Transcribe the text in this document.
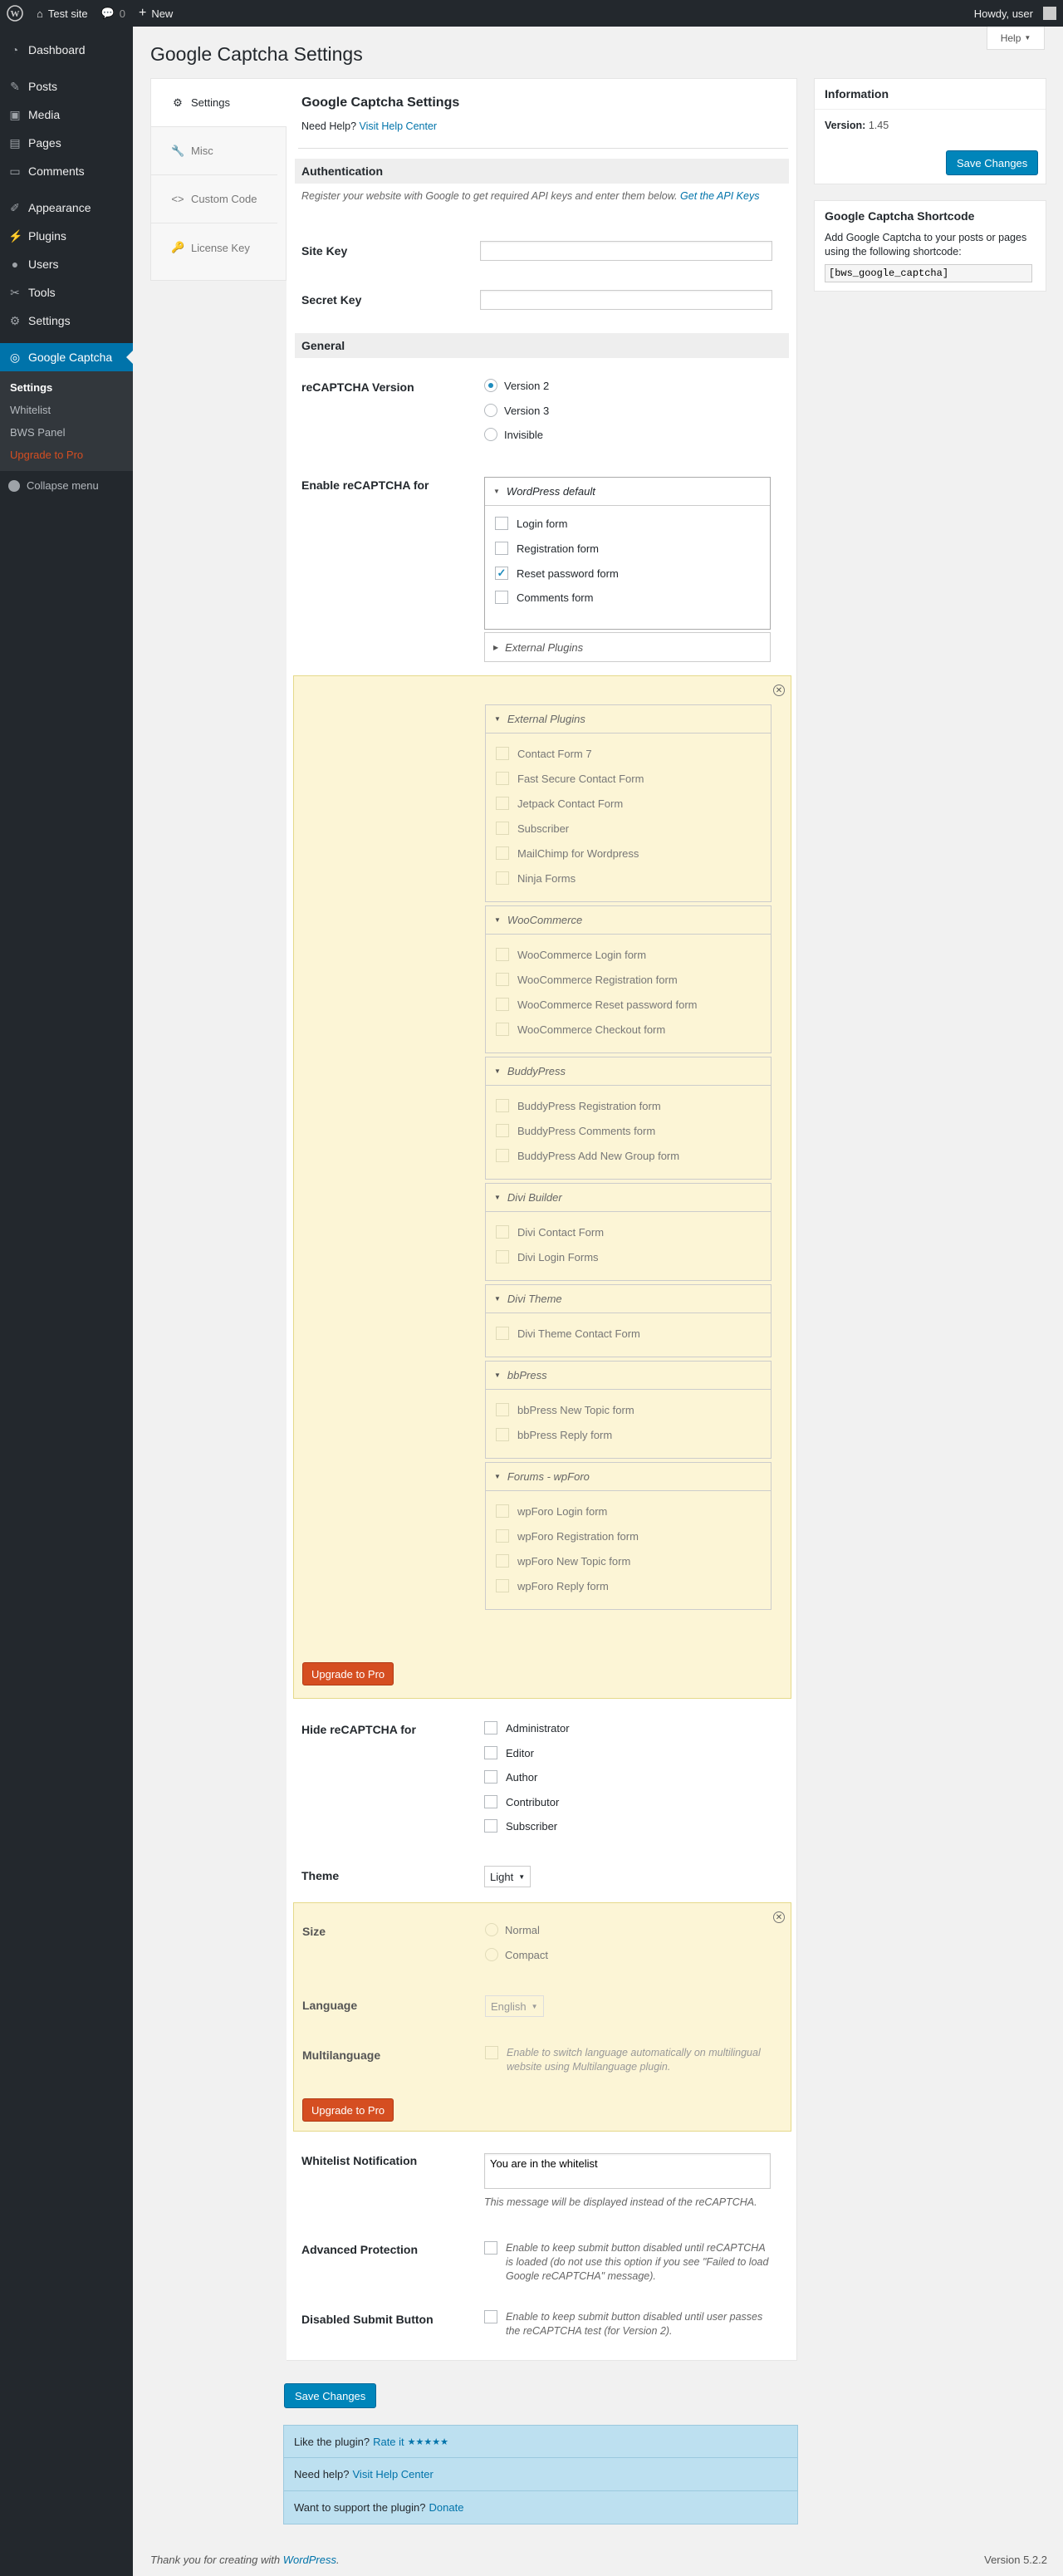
W ⌂ Test site 💬 0 + New	Howdy, user
◔ Dashboard
✎ Posts
▣ Media
▤ Pages
▭ Comments
✐ Appearance
⚡ Plugins
● Users
✂ Tools
⚙ Settings
◎ Google Captcha
Settings
Whitelist
BWS Panel
Upgrade to Pro
Collapse menu
Help ▼
Google Captcha Settings
⚙ Settings
🔧 Misc
<> Custom Code
🔑 License Key
Google Captcha Settings
Need Help? Visit Help Center
Authentication
Register your website with Google to get required API keys and enter them below. Get the API Keys
Site Key
Secret Key
General
reCAPTCHA Version	Version 2
Version 3
Invisible
Enable reCAPTCHA for	▼ WordPress default
Login form
Registration form
✓ Reset password form
Comments form
▶ External Plugins
✕
▼ External Plugins
Contact Form 7
Fast Secure Contact Form
Jetpack Contact Form
Subscriber
MailChimp for Wordpress
Ninja Forms
▼ WooCommerce
WooCommerce Login form
WooCommerce Registration form
WooCommerce Reset password form
WooCommerce Checkout form
▼ BuddyPress
BuddyPress Registration form
BuddyPress Comments form
BuddyPress Add New Group form
▼ Divi Builder
Divi Contact Form
Divi Login Forms
▼ Divi Theme
Divi Theme Contact Form
▼ bbPress
bbPress New Topic form
bbPress Reply form
▼ Forums - wpForo
wpForo Login form
wpForo Registration form
wpForo New Topic form
wpForo Reply form
Upgrade to Pro
Hide reCAPTCHA for	Administrator
Editor
Author
Contributor
Subscriber
Theme	Light ▼
✕
Size	Normal
Compact
Language	English ▼
Multilanguage	Enable to switch language automatically on multilingual website using Multilanguage plugin.
Upgrade to Pro
Whitelist Notification
You are in the whitelist
This message will be displayed instead of the reCAPTCHA.
Advanced Protection	Enable to keep submit button disabled until reCAPTCHA is loaded (do not use this option if you see "Failed to load Google reCAPTCHA" message).
Disabled Submit Button	Enable to keep submit button disabled until user passes the reCAPTCHA test (for Version 2).
Save Changes
Information
Version: 1.45
Save Changes
Google Captcha Shortcode
Add Google Captcha to your posts or pages using the following shortcode:
[bws_google_captcha]
Like the plugin? Rate it ★★★★★
Need help? Visit Help Center
Want to support the plugin? Donate
Thank you for creating with WordPress.	Version 5.2.2
